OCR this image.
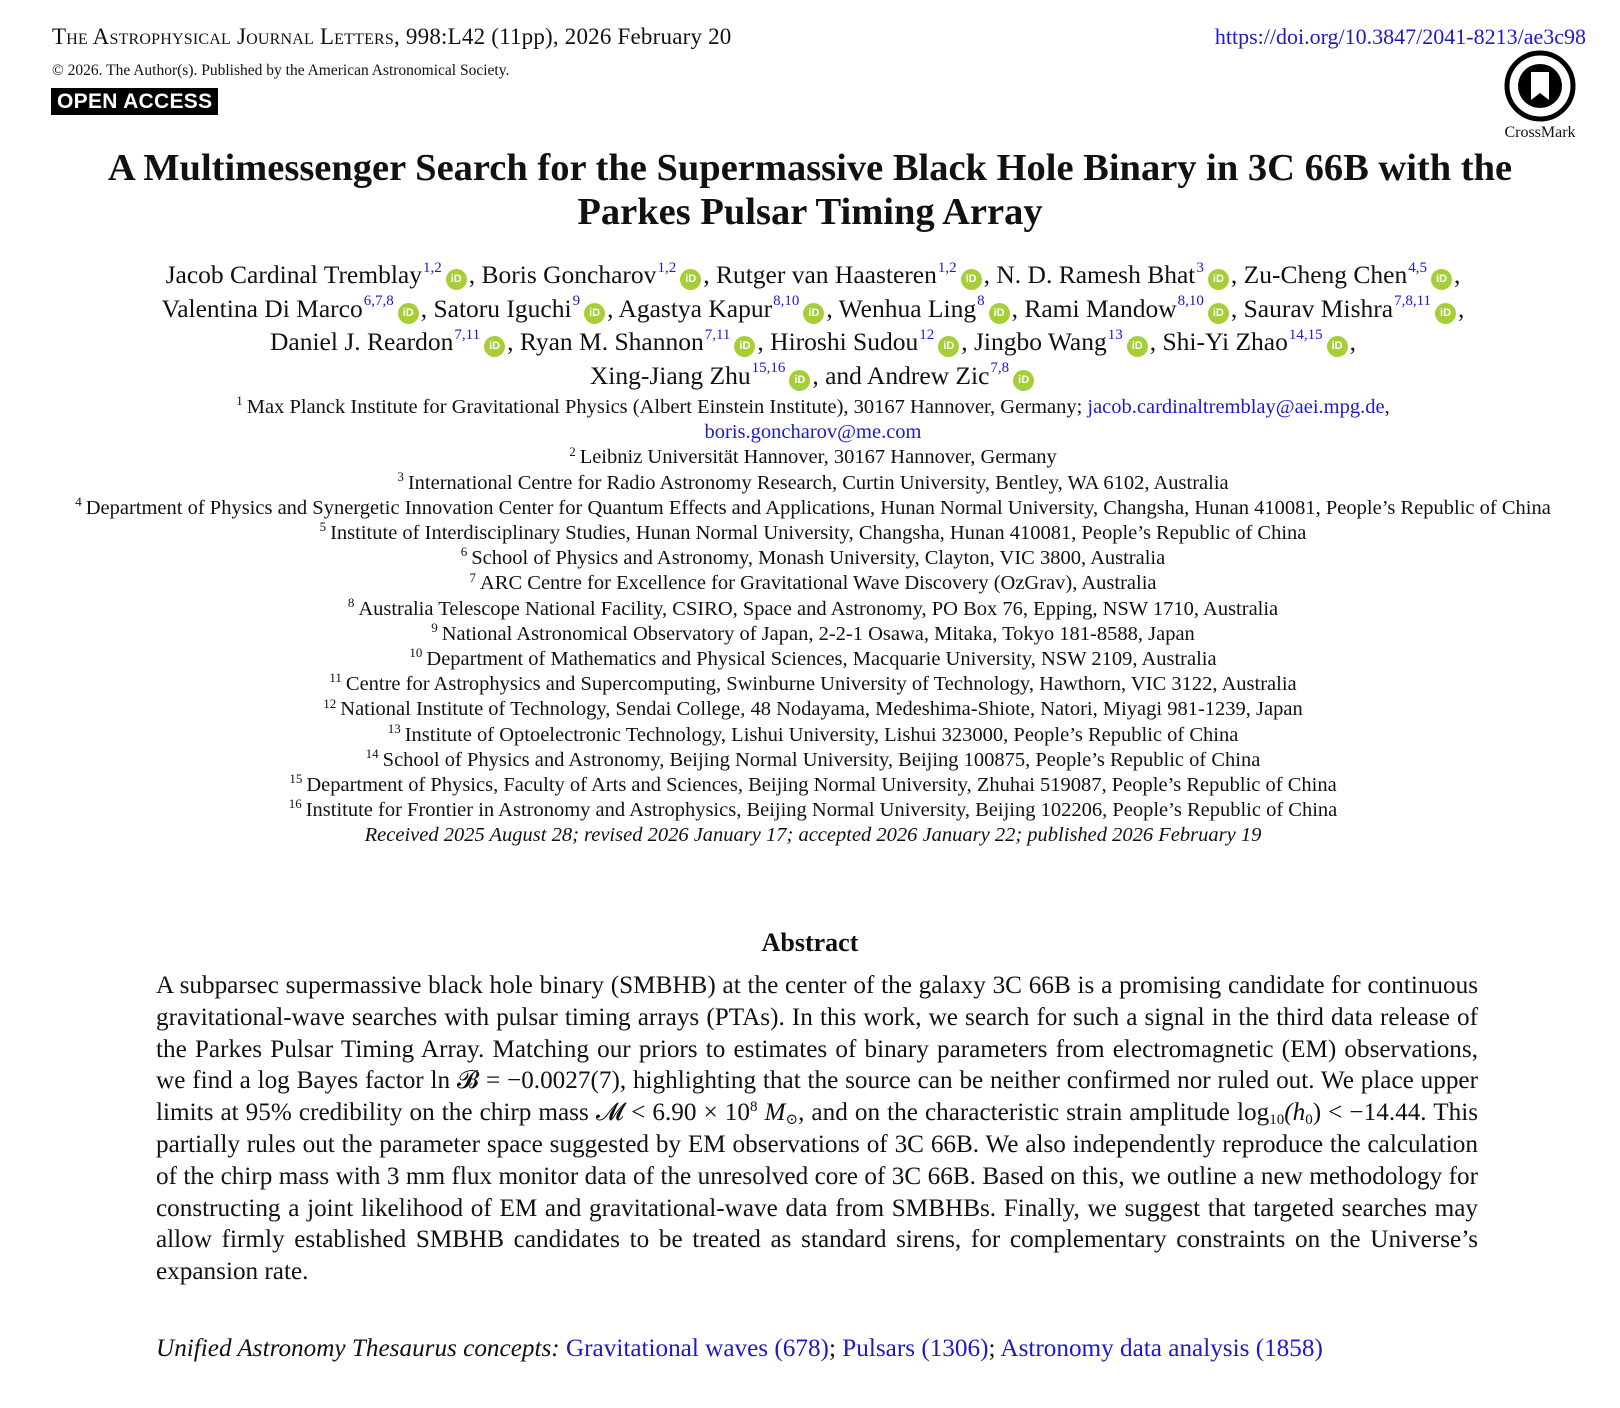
The Astrophysical Journal Letters, 998:L42 (11pp), 2026 February 20	https://doi.org/10.3847/2041-8213/ae3c98
© 2026. The Author(s). Published by the American Astronomical Society.
OPEN ACCESS
CrossMark
A Multimessenger Search for the Supermassive Black Hole Binary in 3C 66B with the
Parkes Pulsar Timing Array
Jacob Cardinal Tremblay$^{1,2}$iD , Boris Goncharov$^{1,2}$iD , Rutger van Haasteren$^{1,2}$iD , N. D. Ramesh Bhat$^3$iD , Zu-Cheng Chen$^{4,5}$iD ,
Valentina Di Marco$^{6,7,8}$iD , Satoru Iguchi$^9$iD , Agastya Kapur$^{8,10}$iD , Wenhua Ling$^8$iD , Rami Mandow$^{8,10}$iD , Saurav Mishra$^{7,8,11}$iD ,
Daniel J. Reardon$^{7,11}$iD , Ryan M. Shannon$^{7,11}$iD , Hiroshi Sudou$^{12}$iD , Jingbo Wang$^{13}$iD , Shi-Yi Zhao$^{14,15}$iD ,
Xing-Jiang Zhu$^{15,16}$iD , and Andrew Zic$^{7,8}$iD
$^1$ Max Planck Institute for Gravitational Physics (Albert Einstein Institute), 30167 Hannover, Germany; jacob.cardinaltremblay@aei.mpg.de,
boris.goncharov@me.com
$^2$ Leibniz Universität Hannover, 30167 Hannover, Germany
$^3$ International Centre for Radio Astronomy Research, Curtin University, Bentley, WA 6102, Australia
$^4$ Department of Physics and Synergetic Innovation Center for Quantum Effects and Applications, Hunan Normal University, Changsha, Hunan 410081, People’s Republic of China
$^5$ Institute of Interdisciplinary Studies, Hunan Normal University, Changsha, Hunan 410081, People’s Republic of China
$^6$ School of Physics and Astronomy, Monash University, Clayton, VIC 3800, Australia
$^7$ ARC Centre for Excellence for Gravitational Wave Discovery (OzGrav), Australia
$^8$ Australia Telescope National Facility, CSIRO, Space and Astronomy, PO Box 76, Epping, NSW 1710, Australia
$^9$ National Astronomical Observatory of Japan, 2-2-1 Osawa, Mitaka, Tokyo 181-8588, Japan
$^{10}$ Department of Mathematics and Physical Sciences, Macquarie University, NSW 2109, Australia
$^{11}$ Centre for Astrophysics and Supercomputing, Swinburne University of Technology, Hawthorn, VIC 3122, Australia
$^{12}$ National Institute of Technology, Sendai College, 48 Nodayama, Medeshima-Shiote, Natori, Miyagi 981-1239, Japan
$^{13}$ Institute of Optoelectronic Technology, Lishui University, Lishui 323000, People’s Republic of China
$^{14}$ School of Physics and Astronomy, Beijing Normal University, Beijing 100875, People’s Republic of China
$^{15}$ Department of Physics, Faculty of Arts and Sciences, Beijing Normal University, Zhuhai 519087, People’s Republic of China
$^{16}$ Institute for Frontier in Astronomy and Astrophysics, Beijing Normal University, Beijing 102206, People’s Republic of China
Received 2025 August 28; revised 2026 January 17; accepted 2026 January 22; published 2026 February 19
Abstract
A subparsec supermassive black hole binary (SMBHB) at the center of the galaxy 3C 66B is a promising candidate for continuous gravitational-wave searches with pulsar timing arrays (PTAs). In this work, we search for such a signal in the third data release of the Parkes Pulsar Timing Array. Matching our priors to estimates of binary parameters from electromagnetic (EM) observations, we find a log Bayes factor ln 𝓑 = −0.0027(7), highlighting that the source can be neither confirmed nor ruled out. We place upper limits at 95% credibility on the chirp mass 𝓜 < $6.90 \times 10^8$ $M_⊙$, and on the characteristic strain amplitude $\log_{10}(h_0) < -14.44$. This partially rules out the parameter space suggested by EM observations of 3C 66B. We also independently reproduce the calculation of the chirp mass with 3 mm flux monitor data of the unresolved core of 3C 66B. Based on this, we outline a new methodology for constructing a joint likelihood of EM and gravitational-wave data from SMBHBs. Finally, we suggest that targeted searches may allow firmly established SMBHB candidates to be treated as standard sirens, for complementary constraints on the Universe’s expansion rate.
Unified Astronomy Thesaurus concepts: Gravitational waves (678); Pulsars (1306); Astronomy data analysis (1858)
